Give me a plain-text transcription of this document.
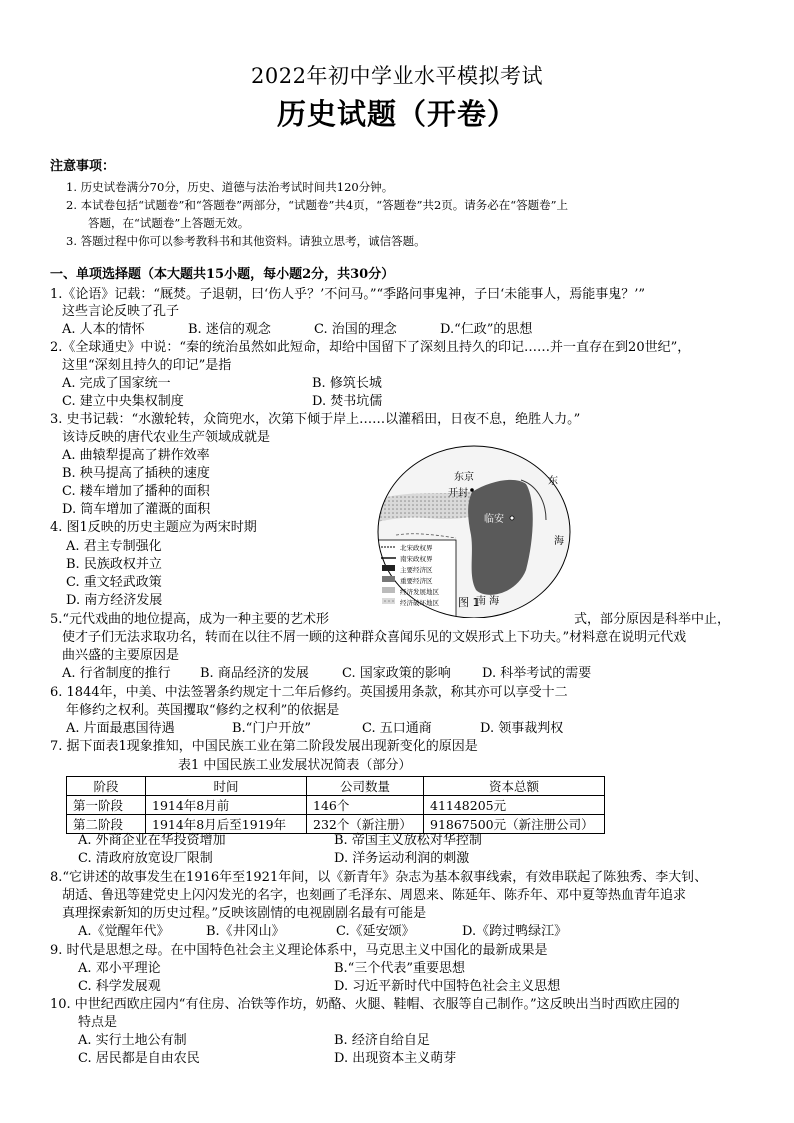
2022年初中学业水平模拟考试
历史试题（开卷）
注意事项：
1. 历史试卷满分70分，历史、道德与法治考试时间共120分钟。
2. 本试卷包括“试题卷”和“答题卷”两部分，“试题卷”共4页，“答题卷”共2页。请务必在“答题卷”上
答题，在“试题卷”上答题无效。
3. 答题过程中你可以参考教科书和其他资料。请独立思考，诚信答题。
一、单项选择题（本大题共15小题，每小题2分，共30分）
1.《论语》记载：“厩焚。子退朝，曰‘伤人乎？’不问马。”“季路问事鬼神，子曰‘未能事人，焉能事鬼？’”
这些言论反映了孔子
A. 人本的情怀	B. 迷信的观念	C. 治国的理念	D.“仁政”的思想
2.《全球通史》中说：“秦的统治虽然如此短命，却给中国留下了深刻且持久的印记……并一直存在到20世纪”，
这里“深刻且持久的印记”是指
A. 完成了国家统一	B. 修筑长城
C. 建立中央集权制度	D. 焚书坑儒
3. 史书记载：“水激轮转，众筒兜水，次第下倾于岸上……以灌稻田，日夜不息，绝胜人力。”
该诗反映的唐代农业生产领域成就是
A. 曲辕犁提高了耕作效率
B. 秧马提高了插秧的速度
C. 耧车增加了播种的面积
D. 筒车增加了灌溉的面积
4. 图1反映的历史主题应为两宋时期
A. 君主专制强化
B. 民族政权并立
C. 重文轻武政策
D. 南方经济发展
东京
开封
临安
东
海
南 海
图 1
北宋政权界
南宋政权界
主要经济区
重要经济区
经济发展地区
经济破坏地区
5.“元代戏曲的地位提高，成为一种主要的艺术形	式，部分原因是科举中止，
使才子们无法求取功名，转而在以往不屑一顾的这种群众喜闻乐见的文娱形式上下功夫。”材料意在说明元代戏
曲兴盛的主要原因是
A. 行省制度的推行 B. 商品经济的发展	C. 国家政策的影响 D. 科举考试的需要
6. 1844年，中美、中法签署条约规定十二年后修约。英国援用条款，称其亦可以享受十二
年修约之权利。英国攫取“修约之权利”的依据是
A. 片面最惠国待遇	B.“门户开放”	C. 五口通商	D. 领事裁判权
7. 据下面表1现象推知，中国民族工业在第二阶段发展出现新变化的原因是
表1 中国民族工业发展状况简表（部分）
阶段	时间	公司数量	资本总额
第一阶段	1914年8月前	146个	41148205元
第二阶段	1914年8月后至1919年	232个（新注册）	91867500元（新注册公司）
A. 外商企业在华投资增加	B. 帝国主义放松对华控制
C. 清政府放宽设厂限制	D. 洋务运动利润的刺激
8.“它讲述的故事发生在1916年至1921年间，以《新青年》杂志为基本叙事线索，有效串联起了陈独秀、李大钊、
胡适、鲁迅等建党史上闪闪发光的名字，也刻画了毛泽东、周恩来、陈延年、陈乔年、邓中夏等热血青年追求
真理探索新知的历史过程。”反映该剧情的电视剧剧名最有可能是
A.《觉醒年代》	B.《井冈山》	C.《延安颂》	D.《跨过鸭绿江》
9. 时代是思想之母。在中国特色社会主义理论体系中，马克思主义中国化的最新成果是
A. 邓小平理论	B.“三个代表”重要思想
C. 科学发展观	D. 习近平新时代中国特色社会主义思想
10. 中世纪西欧庄园内“有住房、冶铁等作坊，奶酪、火腿、鞋帽、衣服等自己制作。”这反映出当时西欧庄园的
特点是
A. 实行土地公有制	B. 经济自给自足
C. 居民都是自由农民	D. 出现资本主义萌芽
